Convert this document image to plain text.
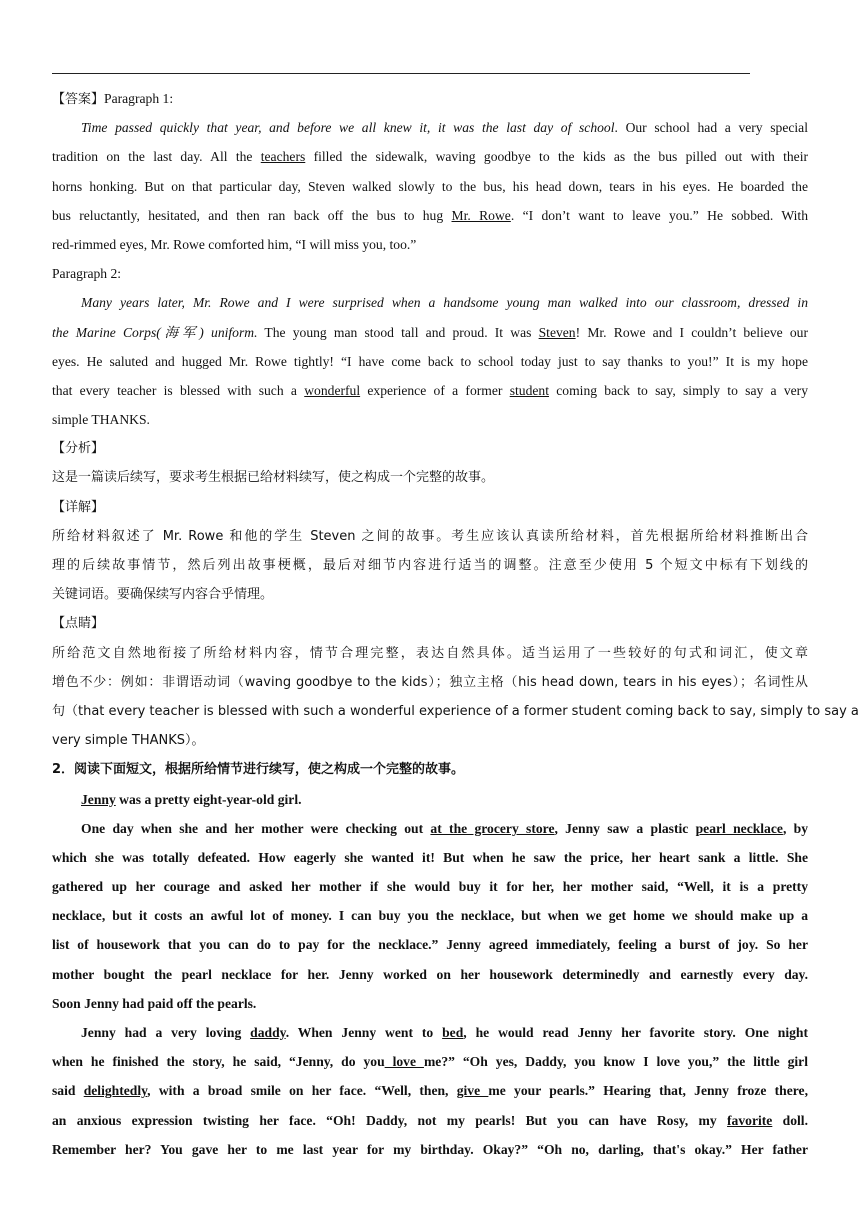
【答案】Paragraph 1:
Time passed quickly that year, and before we all knew it, it was the last day of school. Our school had a very special
tradition on the last day. All the teachers filled the sidewalk, waving goodbye to the kids as the bus pilled out with their
horns honking. But on that particular day, Steven walked slowly to the bus, his head down, tears in his eyes. He boarded the
bus reluctantly, hesitated, and then ran back off the bus to hug Mr. Rowe. “I don’t want to leave you.” He sobbed. With
red-rimmed eyes, Mr. Rowe comforted him, “I will miss you, too.”
Paragraph 2:
Many years later, Mr. Rowe and I were surprised when a handsome young man walked into our classroom, dressed in
the Marine Corps(海军) uniform. The young man stood tall and proud. It was Steven! Mr. Rowe and I couldn’t believe our
eyes. He saluted and hugged Mr. Rowe tightly! “I have come back to school today just to say thanks to you!” It is my hope
that every teacher is blessed with such a wonderful experience of a former student coming back to say, simply to say a very
simple THANKS.
【分析】
这是一篇读后续写，要求考生根据已给材料续写，使之构成一个完整的故事。
【详解】
所给材料叙述了 Mr. Rowe 和他的学生 Steven 之间的故事。考生应该认真读所给材料，首先根据所给材料推断出合
理的后续故事情节，然后列出故事梗概，最后对细节内容进行适当的调整。注意至少使用 5 个短文中标有下划线的
关键词语。要确保续写内容合乎情理。
【点睛】
所给范文自然地衔接了所给材料内容，情节合理完整，表达自然具体。适当运用了一些较好的句式和词汇，使文章
增色不少：例如：非谓语动词（waving goodbye to the kids）；独立主格（his head down, tears in his eyes）；名词性从
句（that every teacher is blessed with such a wonderful experience of a former student coming back to say, simply to say a
very simple THANKS）。
2．阅读下面短文，根据所给情节进行续写，使之构成一个完整的故事。
Jenny was a pretty eight-year-old girl.
One day when she and her mother were checking out at the grocery store, Jenny saw a plastic pearl necklace, by
which she was totally defeated. How eagerly she wanted it! But when he saw the price, her heart sank a little. She
gathered up her courage and asked her mother if she would buy it for her, her mother said, “Well, it is a pretty
necklace, but it costs an awful lot of money. I can buy you the necklace, but when we get home we should make up a
list of housework that you can do to pay for the necklace.” Jenny agreed immediately, feeling a burst of joy. So her
mother bought the pearl necklace for her. Jenny worked on her housework determinedly and earnestly every day.
Soon Jenny had paid off the pearls.
Jenny had a very loving daddy. When Jenny went to bed, he would read Jenny her favorite story. One night
when he finished the story, he said, “Jenny, do you love me?” “Oh yes, Daddy, you know I love you,” the little girl
said delightedly, with a broad smile on her face. “Well, then, give me your pearls.” Hearing that, Jenny froze there,
an anxious expression twisting her face. “Oh! Daddy, not my pearls! But you can have Rosy, my favorite doll.
Remember her? You gave her to me last year for my birthday. Okay?” “Oh no, darling, that's okay.” Her father
